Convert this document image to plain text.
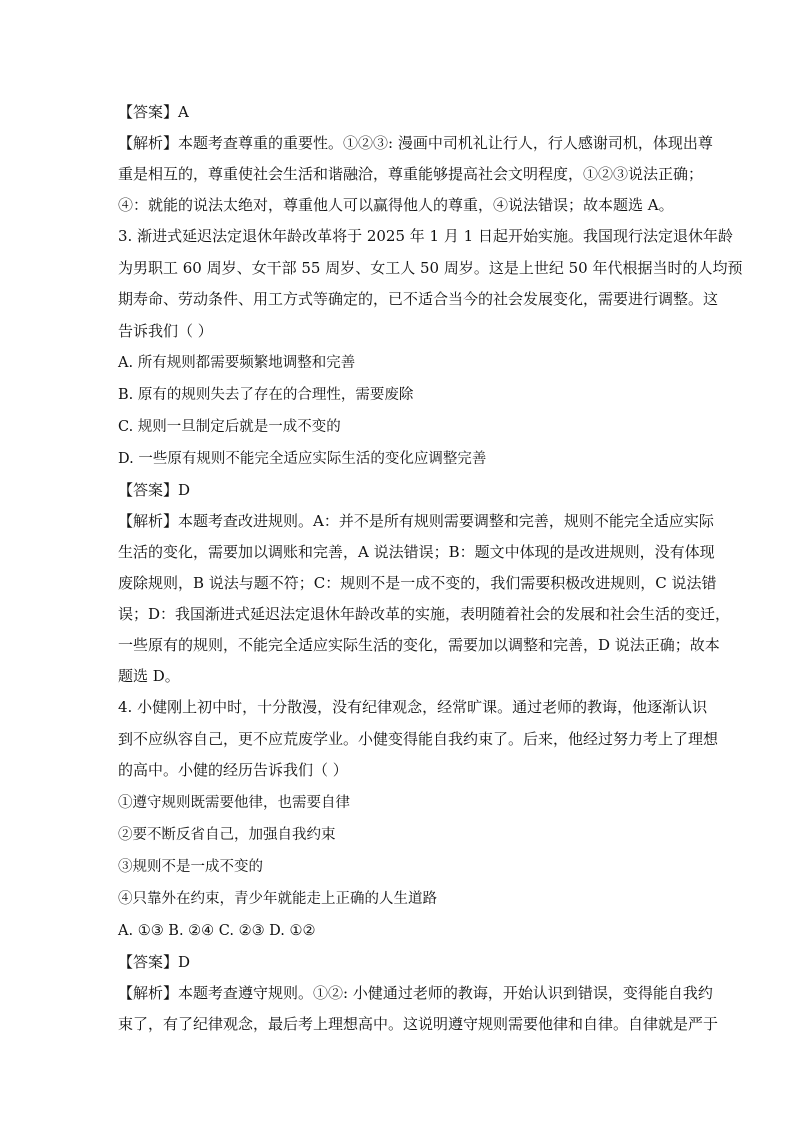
【答案】A
【解析】本题考查尊重的重要性。①②③: 漫画中司机礼让行人，行人感谢司机，体现出尊
重是相互的，尊重使社会生活和谐融洽，尊重能够提高社会文明程度，①②③说法正确；
④：就能的说法太绝对，尊重他人可以赢得他人的尊重，④说法错误；故本题选 A。
3. 渐进式延迟法定退休年龄改革将于 2025 年 1 月 1 日起开始实施。我国现行法定退休年龄
为男职工 60 周岁、女干部 55 周岁、女工人 50 周岁。这是上世纪 50 年代根据当时的人均预
期寿命、劳动条件、用工方式等确定的，已不适合当今的社会发展变化，需要进行调整。这
告诉我们（ ）
A. 所有规则都需要频繁地调整和完善
B. 原有的规则失去了存在的合理性，需要废除
C. 规则一旦制定后就是一成不变的
D. 一些原有规则不能完全适应实际生活的变化应调整完善
【答案】D
【解析】本题考查改进规则。A：并不是所有规则需要调整和完善，规则不能完全适应实际
生活的变化，需要加以调账和完善，A 说法错误；B：题文中体现的是改进规则，没有体现
废除规则，B 说法与题不符；C：规则不是一成不变的，我们需要积极改进规则，C 说法错
误；D：我国渐进式延迟法定退休年龄改革的实施，表明随着社会的发展和社会生活的变迁，
一些原有的规则，不能完全适应实际生活的变化，需要加以调整和完善，D 说法正确；故本
题选 D。
4. 小健刚上初中时，十分散漫，没有纪律观念，经常旷课。通过老师的教诲，他逐渐认识
到不应纵容自己，更不应荒废学业。小健变得能自我约束了。后来，他经过努力考上了理想
的高中。小健的经历告诉我们（ ）
①遵守规则既需要他律，也需要自律
②要不断反省自己，加强自我约束
③规则不是一成不变的
④只靠外在约束，青少年就能走上正确的人生道路
A. ①③ B. ②④ C. ②③ D. ①②
【答案】D
【解析】本题考查遵守规则。①②: 小健通过老师的教诲，开始认识到错误，变得能自我约
束了，有了纪律观念，最后考上理想高中。这说明遵守规则需要他律和自律。自律就是严于
